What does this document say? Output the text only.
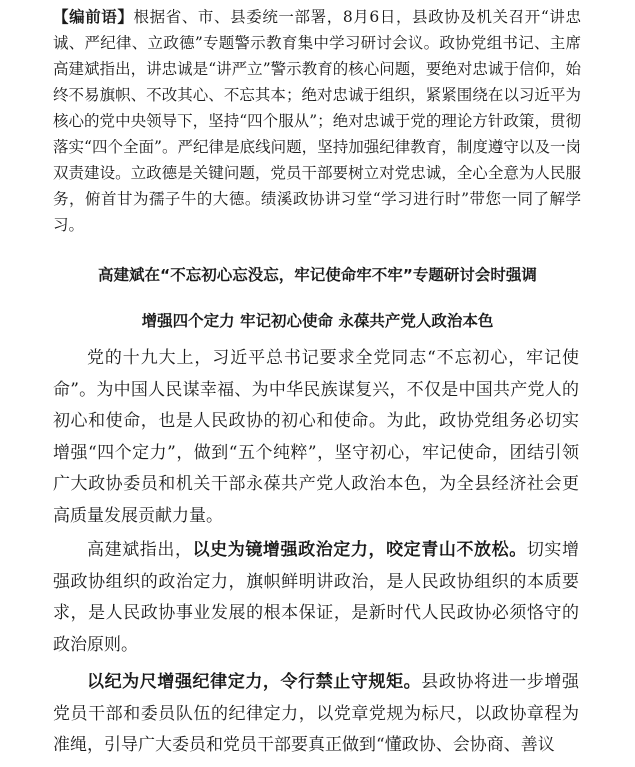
【编前语】根据省、市、县委统一部署，8月6日，县政协及机关召开“讲忠诚、严纪律、立政德”专题警示教育集中学习研讨会议。政协党组书记、主席高建斌指出，讲忠诚是“讲严立”警示教育的核心问题，要绝对忠诚于信仰，始终不易旗帜、不改其心、不忘其本；绝对忠诚于组织，紧紧围绕在以习近平为核心的党中央领导下，坚持“四个服从”；绝对忠诚于党的理论方针政策，贯彻落实“四个全面”。严纪律是底线问题，坚持加强纪律教育，制度遵守以及一岗双责建设。立政德是关键问题，党员干部要树立对党忠诚，全心全意为人民服务，俯首甘为孺子牛的大德。绩溪政协讲习堂“学习进行时”带您一同了解学习。
高建斌在“不忘初心忘没忘，牢记使命牢不牢”专题研讨会时强调
增强四个定力 牢记初心使命 永葆共产党人政治本色
党的十九大上，习近平总书记要求全党同志“不忘初心，牢记使命”。为中国人民谋幸福、为中华民族谋复兴，不仅是中国共产党人的初心和使命，也是人民政协的初心和使命。为此，政协党组务必切实增强“四个定力”，做到“五个纯粹”，坚守初心，牢记使命，团结引领广大政协委员和机关干部永葆共产党人政治本色，为全县经济社会更高质量发展贡献力量。
高建斌指出，以史为镜增强政治定力，咬定青山不放松。切实增强政协组织的政治定力，旗帜鲜明讲政治，是人民政协组织的本质要求，是人民政协事业发展的根本保证，是新时代人民政协必须恪守的政治原则。
以纪为尺增强纪律定力，令行禁止守规矩。县政协将进一步增强党员干部和委员队伍的纪律定力，以党章党规为标尺，以政协章程为准绳，引导广大委员和党员干部要真正做到“懂政协、会协商、善议
